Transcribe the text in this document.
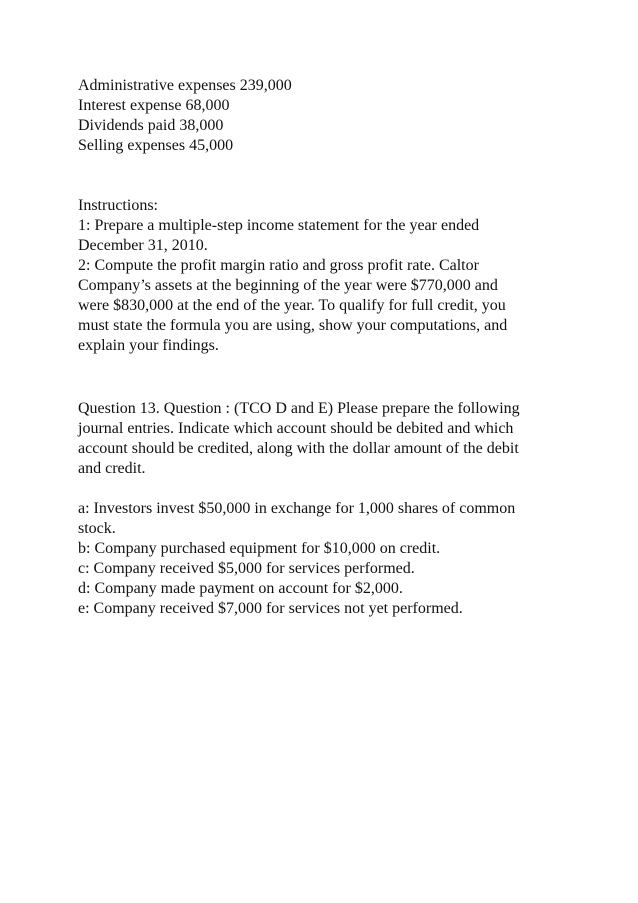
Administrative expenses 239,000
Interest expense 68,000
Dividends paid 38,000
Selling expenses 45,000
Instructions:
1: Prepare a multiple-step income statement for the year ended
December 31, 2010.
2: Compute the profit margin ratio and gross profit rate. Caltor
Company’s assets at the beginning of the year were $770,000 and
were $830,000 at the end of the year. To qualify for full credit, you
must state the formula you are using, show your computations, and
explain your findings.
Question 13. Question : (TCO D and E) Please prepare the following
journal entries. Indicate which account should be debited and which
account should be credited, along with the dollar amount of the debit
and credit.
a: Investors invest $50,000 in exchange for 1,000 shares of common
stock.
b: Company purchased equipment for $10,000 on credit.
c: Company received $5,000 for services performed.
d: Company made payment on account for $2,000.
e: Company received $7,000 for services not yet performed.
